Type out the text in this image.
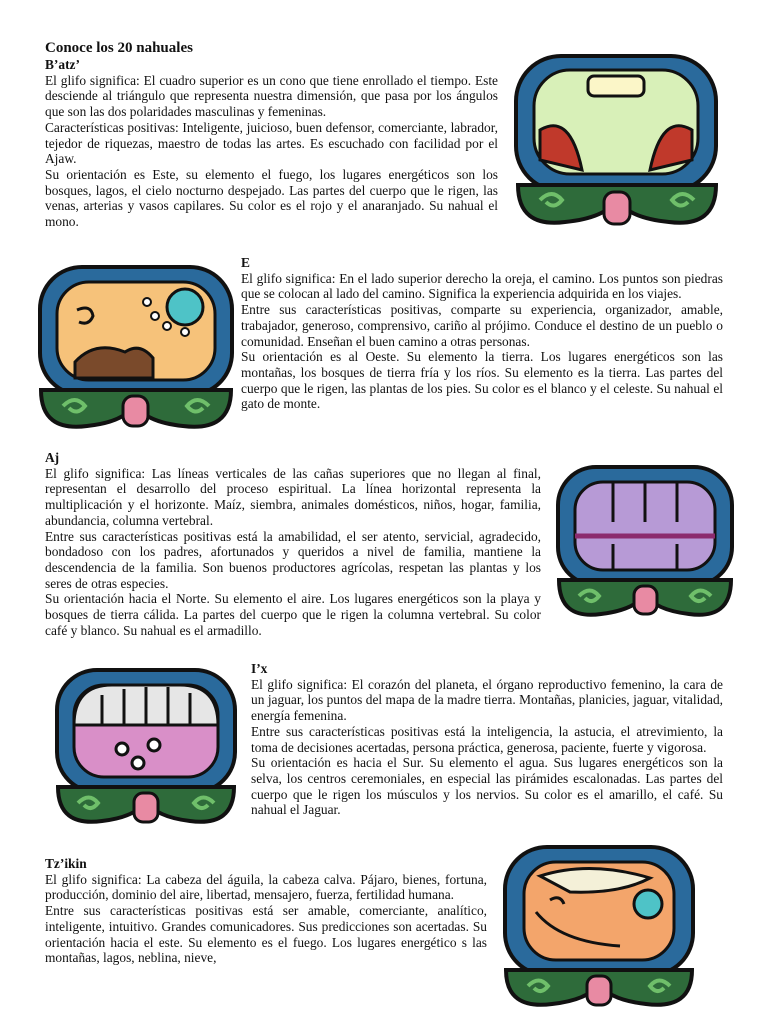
Conoce los 20 nahuales
B’atz’

El glifo significa: El cuadro superior es un cono que tiene enrollado el tiempo. Este desciende al triángulo que representa nuestra dimensión, que pasa por los ángulos que son las dos polaridades masculinas y femeninas.

Características positivas: Inteligente, juicioso, buen defensor, comerciante, labrador, tejedor de riquezas, maestro de todas las artes. Es escuchado con facilidad por el Ajaw.

Su orientación es Este, su elemento el fuego, los lugares energéticos son los bosques, lagos, el cielo nocturno despejado. Las partes del cuerpo que le rigen, las venas, arterias y vasos capilares. Su color es el rojo y el anaranjado. Su nahual el mono.

E

El glifo significa: En el lado superior derecho la oreja, el camino. Los puntos son piedras que se colocan al lado del camino. Significa la experiencia adquirida en los viajes.

Entre sus características positivas, comparte su experiencia, organizador, amable, trabajador, generoso, comprensivo, cariño al prójimo. Conduce el destino de un pueblo o comunidad. Enseñan el buen camino a otras personas.

Su orientación es al Oeste. Su elemento la tierra. Los lugares energéticos son las montañas, los bosques de tierra fría y los ríos. Su elemento es la tierra. Las partes del cuerpo que le rigen, las plantas de los pies. Su color es el blanco y el celeste. Su nahual el gato de monte.

Aj

El glifo significa: Las líneas verticales de las cañas superiores que no llegan al final, representan el desarrollo del proceso espiritual. La línea horizontal representa la multiplicación y el horizonte. Maíz, siembra, animales domésticos, niños, hogar, familia, abundancia, columna vertebral.

Entre sus características positivas está la amabilidad, el ser atento, servicial, agradecido, bondadoso con los padres, afortunados y queridos a nivel de familia, mantiene la descendencia de la familia. Son buenos productores agrícolas, respetan las plantas y los seres de otras especies.

Su orientación hacia el Norte. Su elemento el aire. Los lugares energéticos son la playa y bosques de tierra cálida. La partes del cuerpo que le rigen la columna vertebral. Su color café y blanco. Su nahual es el armadillo.

I’x

El glifo significa: El corazón del planeta, el órgano reproductivo femenino, la cara de un jaguar, los puntos del mapa de la madre tierra. Montañas, planicies, jaguar, vitalidad, energía femenina.

Entre sus características positivas está la inteligencia, la astucia, el atrevimiento, la toma de decisiones acertadas, persona práctica, generosa, paciente, fuerte y vigorosa.

Su orientación es hacia el Sur. Su elemento el agua. Sus lugares energéticos son la selva, los centros ceremoniales, en especial las pirámides escalonadas. Las partes del cuerpo que le rigen los músculos y los nervios. Su color es el amarillo, el café. Su nahual el Jaguar.

Tz’ikin

El glifo significa: La cabeza del águila, la cabeza calva. Pájaro, bienes, fortuna, producción, dominio del aire, libertad, mensajero, fuerza, fertilidad humana.

Entre sus características positivas está ser amable, comerciante, analítico, inteligente, intuitivo. Grandes comunicadores. Sus predicciones son acertadas. Su orientación hacia el este. Su elemento es el fuego. Los lugares energético s las montañas, lagos, neblina, nieve,
